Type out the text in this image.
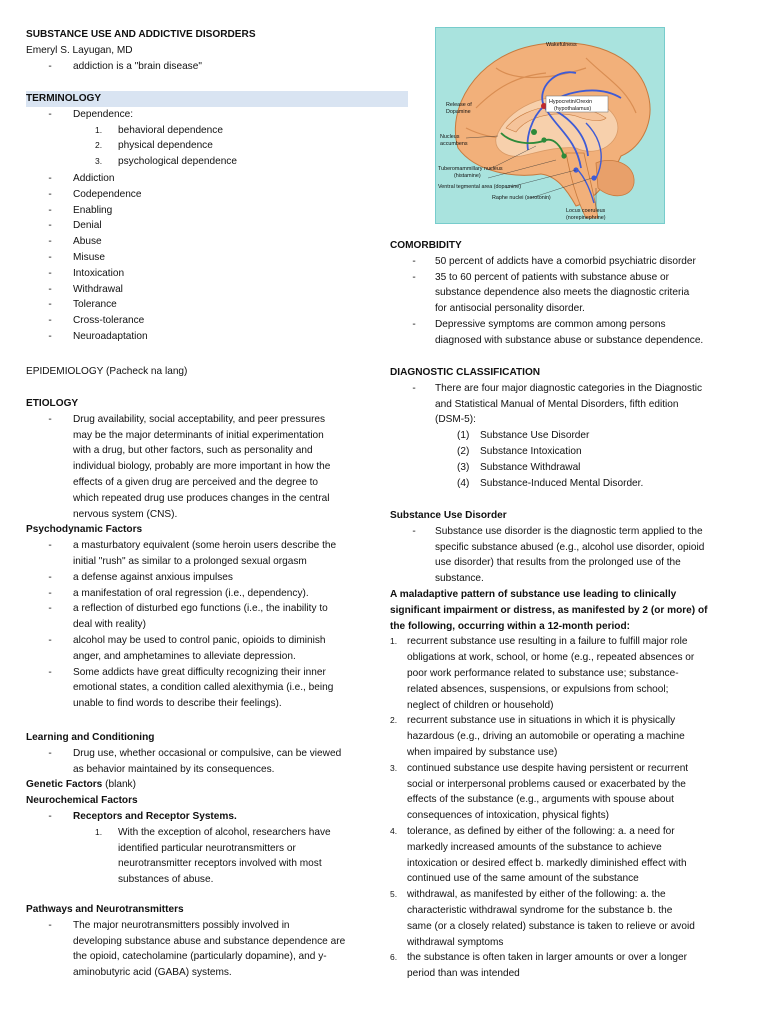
SUBSTANCE USE AND ADDICTIVE DISORDERS
Emeryl S. Layugan, MD
-
addiction is a "brain disease"
TERMINOLOGY
-
Dependence:
1. behavioral dependence
2. physical dependence
3. psychological dependence
-
Addiction
-
Codependence
-
Enabling
-
Denial
-
Abuse
-
Misuse
-
Intoxication
-
Withdrawal
-
Tolerance
-
Cross-tolerance
-
Neuroadaptation
EPIDEMIOLOGY (Pacheck na lang)
ETIOLOGY
-
Drug availability, social acceptability, and peer pressures
may be the major determinants of initial experimentation
with a drug, but other factors, such as personality and
individual biology, probably are more important in how the
effects of a given drug are perceived and the degree to
which repeated drug use produces changes in the central
nervous system (CNS).
Psychodynamic Factors
-
a masturbatory equivalent (some heroin users describe the
initial "rush" as similar to a prolonged sexual orgasm
-
a defense against anxious impulses
-
a manifestation of oral regression (i.e., dependency).
-
a reflection of disturbed ego functions (i.e., the inability to
deal with reality)
-
alcohol may be used to control panic, opioids to diminish
anger, and amphetamines to alleviate depression.
-
Some addicts have great difficulty recognizing their inner
emotional states, a condition called alexithymia (i.e., being
unable to find words to describe their feelings).
Learning and Conditioning
-
Drug use, whether occasional or compulsive, can be viewed
as behavior maintained by its consequences.
Genetic Factors (blank)
Neurochemical Factors
-
Receptors and Receptor Systems.
1. With the exception of alcohol, researchers have
identified particular neurotransmitters or
neurotransmitter receptors involved with most
substances of abuse.
Pathways and Neurotransmitters
-
The major neurotransmitters possibly involved in
developing substance abuse and substance dependence are
the opioid, catecholamine (particularly dopamine), and y-
aminobutyric acid (GABA) systems.
Wakefulness
Release of
Dopamine
Hypocretin/Orexin
(hypothalamus)
Nucleus
accumbens
Tuberomammillary nucleus
(histamine)
Ventral tegmental area (dopamine)
Raphe nuclei (serotonin)
Locus coeruleus
(norepinephrine)
COMORBIDITY
-
50 percent of addicts have a comorbid psychiatric disorder
-
35 to 60 percent of patients with substance abuse or
substance dependence also meets the diagnostic criteria
for antisocial personality disorder.
-
Depressive symptoms are common among persons
diagnosed with substance abuse or substance dependence.
DIAGNOSTIC CLASSIFICATION
-
There are four major diagnostic categories in the Diagnostic
and Statistical Manual of Mental Disorders, fifth edition
(DSM-5):
(1) Substance Use Disorder
(2) Substance Intoxication
(3) Substance Withdrawal
(4) Substance-Induced Mental Disorder.
Substance Use Disorder
-
Substance use disorder is the diagnostic term applied to the
specific substance abused (e.g., alcohol use disorder, opioid
use disorder) that results from the prolonged use of the
substance.
A maladaptive pattern of substance use leading to clinically
significant impairment or distress, as manifested by 2 (or more) of
the following, occurring within a 12-month period:
1. recurrent substance use resulting in a failure to fulfill major role
obligations at work, school, or home (e.g., repeated absences or
poor work performance related to substance use; substance-
related absences, suspensions, or expulsions from school;
neglect of children or household)
2. recurrent substance use in situations in which it is physically
hazardous (e.g., driving an automobile or operating a machine
when impaired by substance use)
3. continued substance use despite having persistent or recurrent
social or interpersonal problems caused or exacerbated by the
effects of the substance (e.g., arguments with spouse about
consequences of intoxication, physical fights)
4. tolerance, as defined by either of the following: a. a need for
markedly increased amounts of the substance to achieve
intoxication or desired effect b. markedly diminished effect with
continued use of the same amount of the substance
5. withdrawal, as manifested by either of the following: a. the
characteristic withdrawal syndrome for the substance b. the
same (or a closely related) substance is taken to relieve or avoid
withdrawal symptoms
6. the substance is often taken in larger amounts or over a longer
period than was intended
